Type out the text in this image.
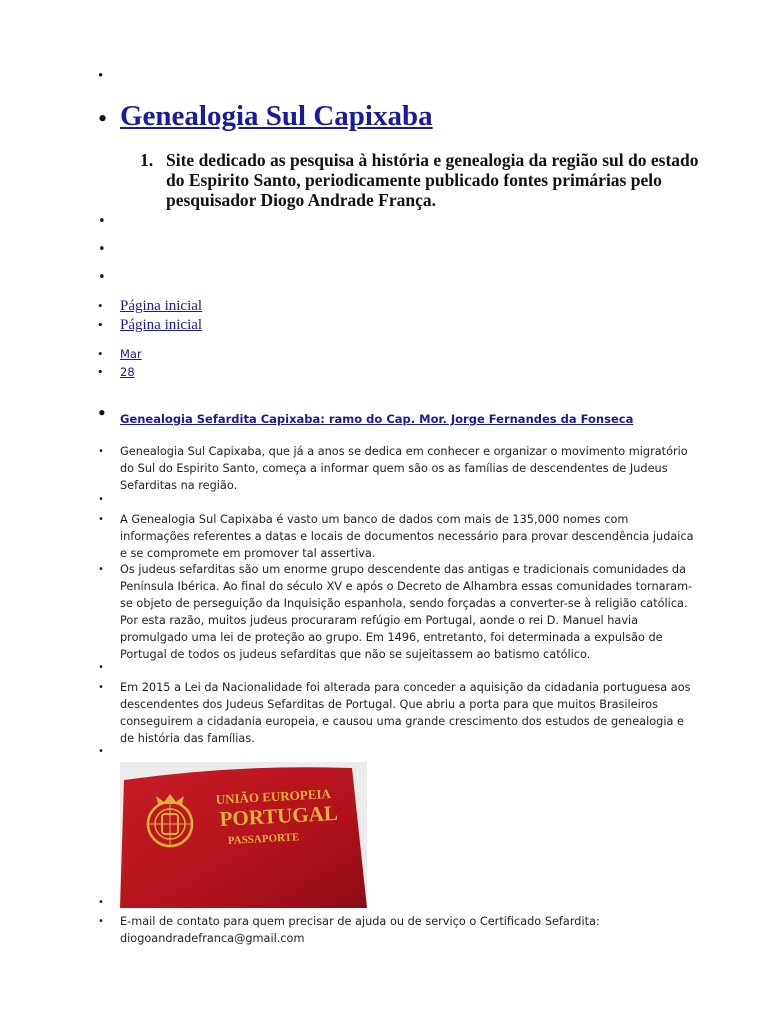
•
• Genealogia Sul Capixaba
1. Site dedicado as pesquisa à história e genealogia da região sul do estado do Espirito Santo, periodicamente publicado fontes primárias pelo pesquisador Diogo Andrade França.
•
•
•
• Página inicial
• Página inicial
• Mar
• 28
• Genealogia Sefardita Capixaba: ramo do Cap. Mor. Jorge Fernandes da Fonseca
• Genealogia Sul Capixaba, que já a anos se dedica em conhecer e organizar o movimento migratório do Sul do Espirito Santo, começa a informar quem são os as famílias de descendentes de Judeus Sefarditas na região.
•
• A Genealogia Sul Capixaba é vasto um banco de dados com mais de 135,000 nomes com informações referentes a datas e locais de documentos necessário para provar descendência judaica e se compromete em promover tal assertiva.
• Os judeus sefarditas são um enorme grupo descendente das antigas e tradicionais comunidades da Península Ibérica. Ao final do século XV e após o Decreto de Alhambra essas comunidades tornaram-se objeto de perseguição da Inquisição espanhola, sendo forçadas a converter-se à religião católica. Por esta razão, muitos judeus procuraram refúgio em Portugal, aonde o rei D. Manuel havia promulgado uma lei de proteção ao grupo. Em 1496, entretanto, foi determinada a expulsão de Portugal de todos os judeus sefarditas que não se sujeitassem ao batismo católico.
•
• Em 2015 a Lei da Nacionalidade foi alterada para conceder a aquisição da cidadania portuguesa aos descendentes dos Judeus Sefarditas de Portugal. Que abriu a porta para que muitos Brasileiros conseguirem a cidadania europeia, e causou uma grande crescimento dos estudos de genealogia e de história das famílias.
•
UNIÃO EUROPEIA
PORTUGAL
PASSAPORTE
•
• E-mail de contato para quem precisar de ajuda ou de serviço o Certificado Sefardita: diogoandradefranca@gmail.com
